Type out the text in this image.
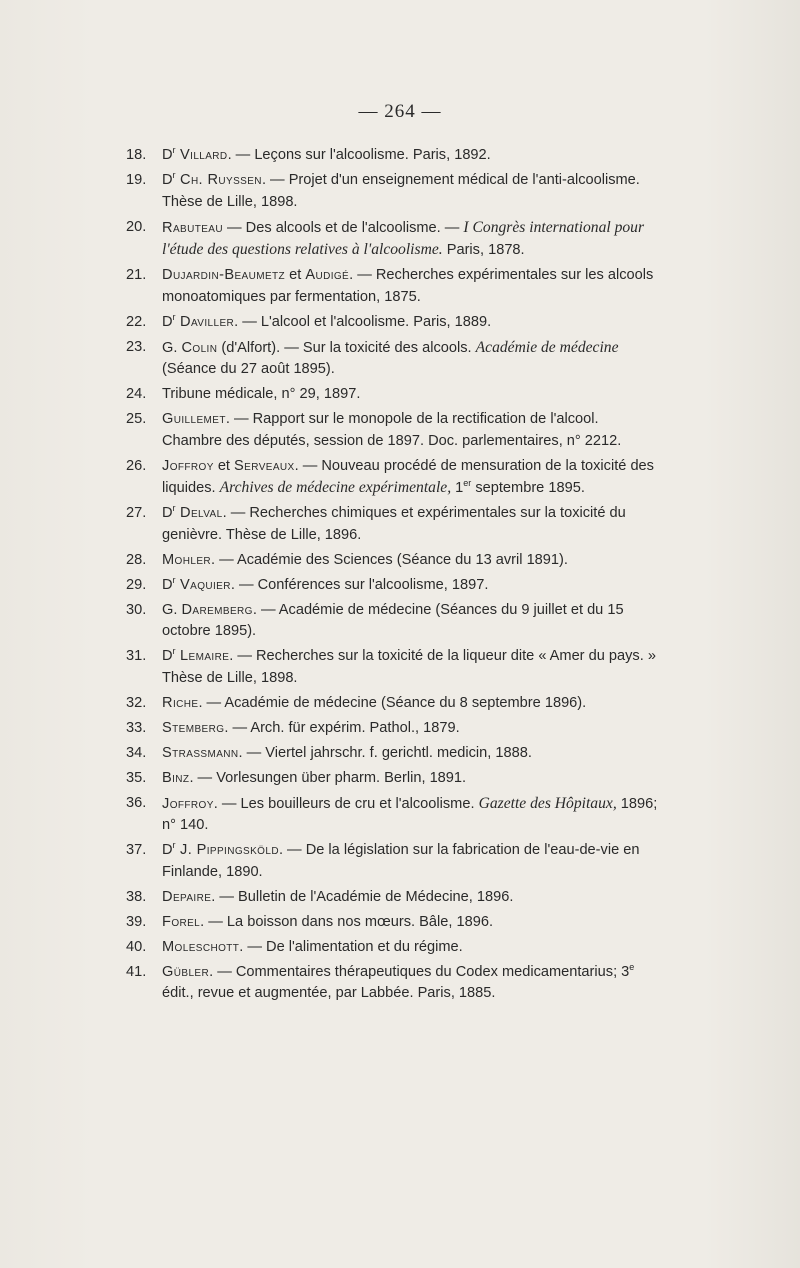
— 264 —
18.	$D^r$ Villard. — Leçons sur l'alcoolisme. Paris, 1892.
19.	$D^r$ Ch. Ruyssen. — Projet d'un enseignement médical de l'anti-alcoolisme. Thèse de Lille, 1898.
20.	Rabuteau — Des alcools et de l'alcoolisme. — I Congrès international pour l'étude des questions relatives à l'alcoolisme. Paris, 1878.
21.	Dujardin-Beaumetz et Audigé. — Recherches expérimentales sur les alcools monoatomiques par fermentation, 1875.
22.	$D^r$ Daviller. — L'alcool et l'alcoolisme. Paris, 1889.
23.	G. Colin (d'Alfort). — Sur la toxicité des alcools. Académie de médecine (Séance du 27 août 1895).
24.	Tribune médicale, n° 29, 1897.
25.	Guillemet. — Rapport sur le monopole de la rectification de l'alcool. Chambre des députés, session de 1897. Doc. parlementaires, n° 2212.
26.	Joffroy et Serveaux. — Nouveau procédé de mensuration de la toxicité des liquides. Archives de médecine expérimentale, 1er septembre 1895.
27.	$D^r$ Delval. — Recherches chimiques et expérimentales sur la toxicité du genièvre. Thèse de Lille, 1896.
28.	Mohler. — Académie des Sciences (Séance du 13 avril 1891).
29.	$D^r$ Vaquier. — Conférences sur l'alcoolisme, 1897.
30.	G. Daremberg. — Académie de médecine (Séances du 9 juillet et du 15 octobre 1895).
31.	$D^r$ Lemaire. — Recherches sur la toxicité de la liqueur dite « Amer du pays. » Thèse de Lille, 1898.
32.	Riche. — Académie de médecine (Séance du 8 septembre 1896).
33.	Stemberg. — Arch. für expérim. Pathol., 1879.
34.	Strassmann. — Viertel jahrschr. f. gerichtl. medicin, 1888.
35.	Binz. — Vorlesungen über pharm. Berlin, 1891.
36.	Joffroy. — Les bouilleurs de cru et l'alcoolisme. Gazette des Hôpitaux, 1896; n° 140.
37.	$D^r$ J. Pippingsköld. — De la législation sur la fabrication de l'eau-de-vie en Finlande, 1890.
38.	Depaire. — Bulletin de l'Académie de Médecine, 1896.
39.	Forel. — La boisson dans nos mœurs. Bâle, 1896.
40.	Moleschott. — De l'alimentation et du régime.
41.	Gübler. — Commentaires thérapeutiques du Codex medicamentarius; 3e édit., revue et augmentée, par Labbée. Paris, 1885.
